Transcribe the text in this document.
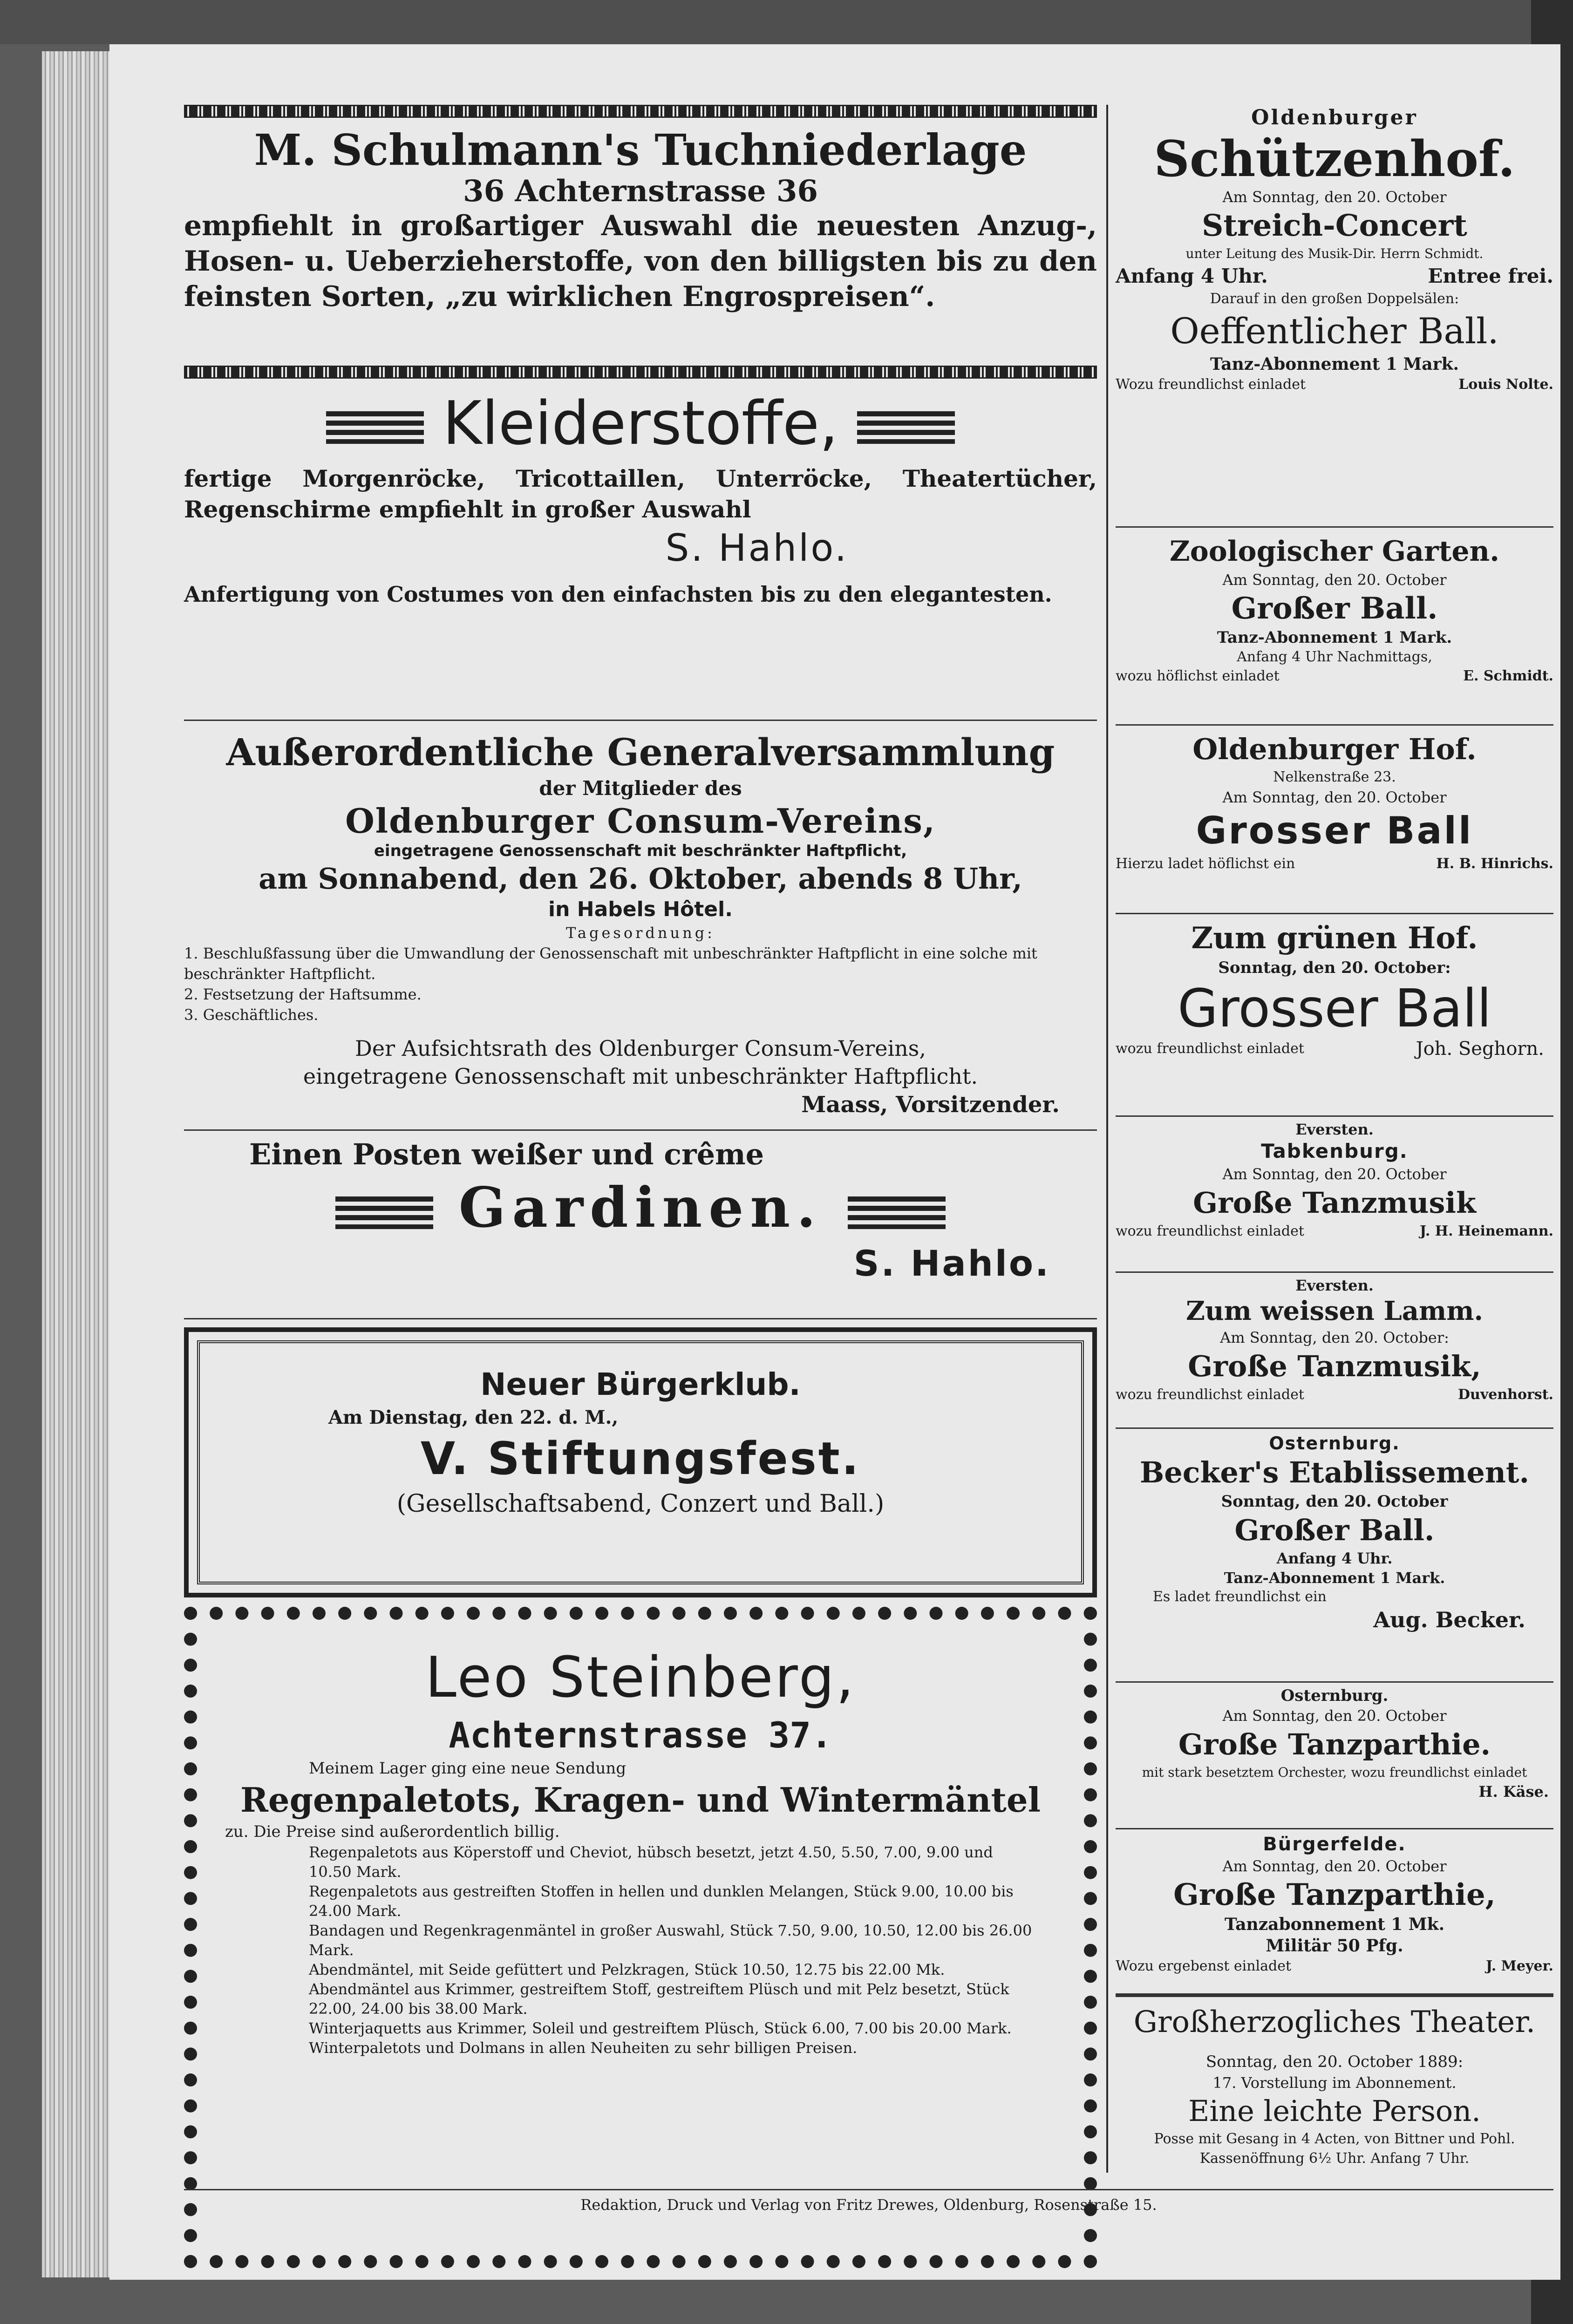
M. Schulmann's Tuchniederlage
36 Achternstrasse 36
empfiehlt in großartiger Auswahl die neuesten Anzug-, Hosen- u. Ueberzieherstoffe, von den billigsten bis zu den feinsten Sorten, „zu wirklichen Engrospreisen“.
Kleiderstoffe,
fertige Morgenröcke, Tricottaillen, Unterröcke, Theatertücher, Regenschirme empfiehlt in großer Auswahl
S. Hahlo.
Anfertigung von Costumes von den einfachsten bis zu den elegantesten.
Außerordentliche Generalversammlung
der Mitglieder des
Oldenburger Consum-Vereins,
eingetragene Genossenschaft mit beschränkter Haftpflicht,
am Sonnabend, den 26. Oktober, abends 8 Uhr,
in Habels Hôtel.
Tagesordnung:
1. Beschlußfassung über die Umwandlung der Genossenschaft mit unbeschränkter Haftpflicht in eine solche mit beschränkter Haftpflicht.
2. Festsetzung der Haftsumme.
3. Geschäftliches.
Der Aufsichtsrath des Oldenburger Consum-Vereins,
eingetragene Genossenschaft mit unbeschränkter Haftpflicht.
Maass, Vorsitzender.
Einen Posten weißer und crême
Gardinen.
S. Hahlo.
Neuer Bürgerklub.
Am Dienstag, den 22. d. M.,
V. Stiftungsfest.
(Gesellschaftsabend, Conzert und Ball.)
Leo Steinberg,
Achternstrasse 37.
Meinem Lager ging eine neue Sendung
Regenpaletots, Kragen- und Wintermäntel
zu. Die Preise sind außerordentlich billig.
Regenpaletots aus Köperstoff und Cheviot, hübsch besetzt, jetzt 4.50, 5.50, 7.00, 9.00 und 10.50 Mark.
Regenpaletots aus gestreiften Stoffen in hellen und dunklen Melangen, Stück 9.00, 10.00 bis 24.00 Mark.
Bandagen und Regenkragenmäntel in großer Auswahl, Stück 7.50, 9.00, 10.50, 12.00 bis 26.00 Mark.
Abendmäntel, mit Seide gefüttert und Pelzkragen, Stück 10.50, 12.75 bis 22.00 Mk.
Abendmäntel aus Krimmer, gestreiftem Stoff, gestreiftem Plüsch und mit Pelz besetzt, Stück 22.00, 24.00 bis 38.00 Mark.
Winterjaquetts aus Krimmer, Soleil und gestreiftem Plüsch, Stück 6.00, 7.00 bis 20.00 Mark.
Winterpaletots und Dolmans in allen Neuheiten zu sehr billigen Preisen.
Oldenburger
Schützenhof.
Am Sonntag, den 20. October
Streich-Concert
unter Leitung des Musik-Dir. Herrn Schmidt.
Anfang 4 Uhr.	Entree frei.
Darauf in den großen Doppelsälen:
Oeffentlicher Ball.
Tanz-Abonnement 1 Mark.
Wozu freundlichst einladet	Louis Nolte.
Zoologischer Garten.
Am Sonntag, den 20. October
Großer Ball.
Tanz-Abonnement 1 Mark.
Anfang 4 Uhr Nachmittags,
wozu höflichst einladet	E. Schmidt.
Oldenburger Hof.
Nelkenstraße 23.
Am Sonntag, den 20. October
Grosser Ball
Hierzu ladet höflichst ein	H. B. Hinrichs.
Zum grünen Hof.
Sonntag, den 20. October:
Grosser Ball
wozu freundlichst einladet	Joh. Seghorn.
Eversten.
Tabkenburg.
Am Sonntag, den 20. October
Große Tanzmusik
wozu freundlichst einladet	J. H. Heinemann.
Eversten.
Zum weissen Lamm.
Am Sonntag, den 20. October:
Große Tanzmusik,
wozu freundlichst einladet	Duvenhorst.
Osternburg.
Becker's Etablissement.
Sonntag, den 20. October
Großer Ball.
Anfang 4 Uhr.
Tanz-Abonnement 1 Mark.
Es ladet freundlichst ein
Aug. Becker.
Osternburg.
Am Sonntag, den 20. October
Große Tanzparthie.
mit stark besetztem Orchester, wozu freundlichst einladet
H. Käse.
Bürgerfelde.
Am Sonntag, den 20. October
Große Tanzparthie,
Tanzabonnement 1 Mk.
Militär 50 Pfg.
Wozu ergebenst einladet	J. Meyer.
Großherzogliches Theater.
Sonntag, den 20. October 1889:
17. Vorstellung im Abonnement.
Eine leichte Person.
Posse mit Gesang in 4 Acten, von Bittner und Pohl.
Kassenöffnung 6½ Uhr. Anfang 7 Uhr.
Redaktion, Druck und Verlag von Fritz Drewes, Oldenburg, Rosenstraße 15.
